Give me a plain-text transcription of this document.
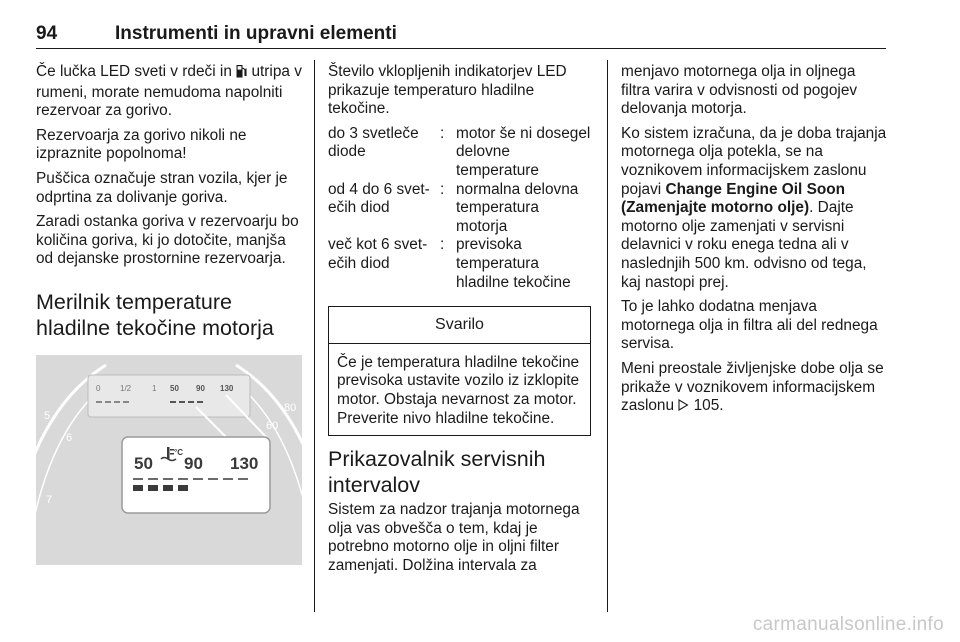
94	Instrumenti in upravni elementi

Če lučka LED sveti v rdeči in utripa v rumeni, morate nemudoma napolniti rezervoar za gorivo.

Rezervoarja za gorivo nikoli ne izpraznite popolnoma!

Puščica označuje stran vozila, kjer je odprtina za dolivanje goriva.

Zaradi ostanka goriva v rezervoarju bo količina goriva, ki jo dotočite, manjša od dejanske prostornine rezervoarja.

Merilnik temperature
hladilne tekočine motorja
5
6
7
60
80
0 1/2	1 50 90 130
50 90 130
°C

Število vklopljenih indikatorjev LED prikazuje temperaturo hladilne tekočine.

do 3 svetleče diode
: motor še ni dosegel delovne temperature
od 4 do 6 svet-ečih diod
: normalna delovna temperatura motorja
več kot 6 svet-ečih diod
: previsoka temperatura hladilne tekočine
Svarilo
Če je temperatura hladilne tekočine previsoka ustavite vozilo iz izklopite motor. Obstaja nevarnost za motor. Preverite nivo hladilne tekočine.
Prikazovalnik servisnih
intervalov

Sistem za nadzor trajanja motornega olja vas obvešča o tem, kdaj je potrebno motorno olje in oljni filter zamenjati. Dolžina intervala za

menjavo motornega olja in oljnega filtra varira v odvisnosti od pogojev delovanja motorja.

Ko sistem izračuna, da je doba trajanja motornega olja potekla, se na voznikovem informacijskem zaslonu pojavi Change Engine Oil Soon (Zamenjajte motorno olje). Dajte motorno olje zamenjati v servisni delavnici v roku enega tedna ali v naslednjih 500 km. odvisno od tega, kaj nastopi prej.

To je lahko dodatna menjava motornega olja in filtra ali del rednega servisa.

Meni preostale življenjske dobe olja se prikaže v voznikovem informacijskem zaslonu 105.

carmanualsonline.info
